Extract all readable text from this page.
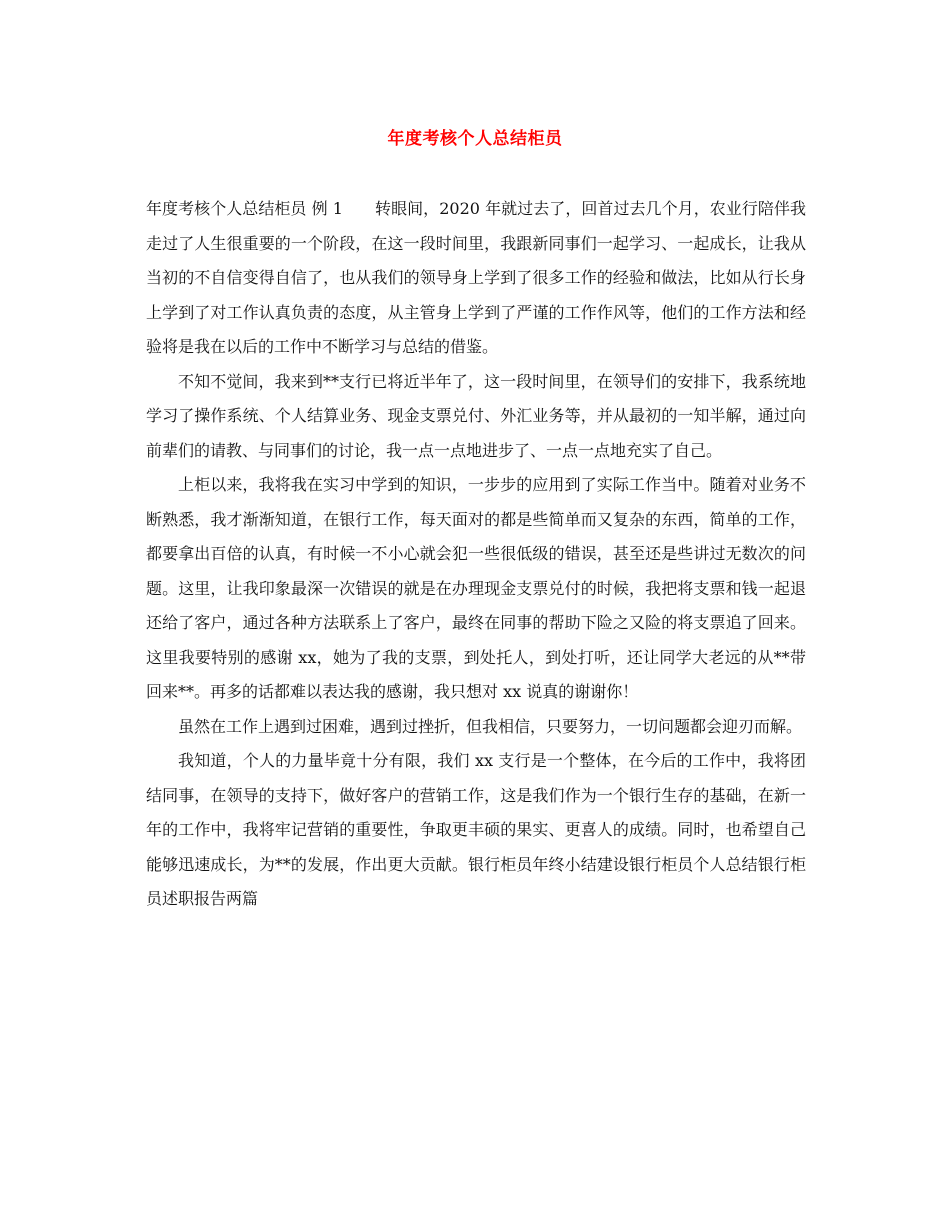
年度考核个人总结柜员

年度考核个人总结柜员 例 1 转眼间，2020 年就过去了，回首过去几个月，农业行陪伴我走过了人生很重要的一个阶段，在这一段时间里，我跟新同事们一起学习、一起成长，让我从当初的不自信变得自信了，也从我们的领导身上学到了很多工作的经验和做法，比如从行长身上学到了对工作认真负责的态度，从主管身上学到了严谨的工作作风等，他们的工作方法和经验将是我在以后的工作中不断学习与总结的借鉴。

不知不觉间，我来到**支行已将近半年了，这一段时间里，在领导们的安排下，我系统地学习了操作系统、个人结算业务、现金支票兑付、外汇业务等，并从最初的一知半解，通过向前辈们的请教、与同事们的讨论，我一点一点地进步了、一点一点地充实了自己。

上柜以来，我将我在实习中学到的知识，一步步的应用到了实际工作当中。随着对业务不断熟悉，我才渐渐知道，在银行工作，每天面对的都是些简单而又复杂的东西，简单的工作，都要拿出百倍的认真，有时候一不小心就会犯一些很低级的错误，甚至还是些讲过无数次的问题。这里，让我印象最深一次错误的就是在办理现金支票兑付的时候，我把将支票和钱一起退还给了客户，通过各种方法联系上了客户，最终在同事的帮助下险之又险的将支票追了回来。这里我要特别的感谢 xx，她为了我的支票，到处托人，到处打听，还让同学大老远的从**带回来**。再多的话都难以表达我的感谢，我只想对 xx 说真的谢谢你！

虽然在工作上遇到过困难，遇到过挫折，但我相信，只要努力，一切问题都会迎刃而解。

我知道，个人的力量毕竟十分有限，我们 xx 支行是一个整体，在今后的工作中，我将团结同事，在领导的支持下，做好客户的营销工作，这是我们作为一个银行生存的基础，在新一年的工作中，我将牢记营销的重要性，争取更丰硕的果实、更喜人的成绩。同时，也希望自己能够迅速成长，为**的发展，作出更大贡献。银行柜员年终小结建设银行柜员个人总结银行柜员述职报告两篇
